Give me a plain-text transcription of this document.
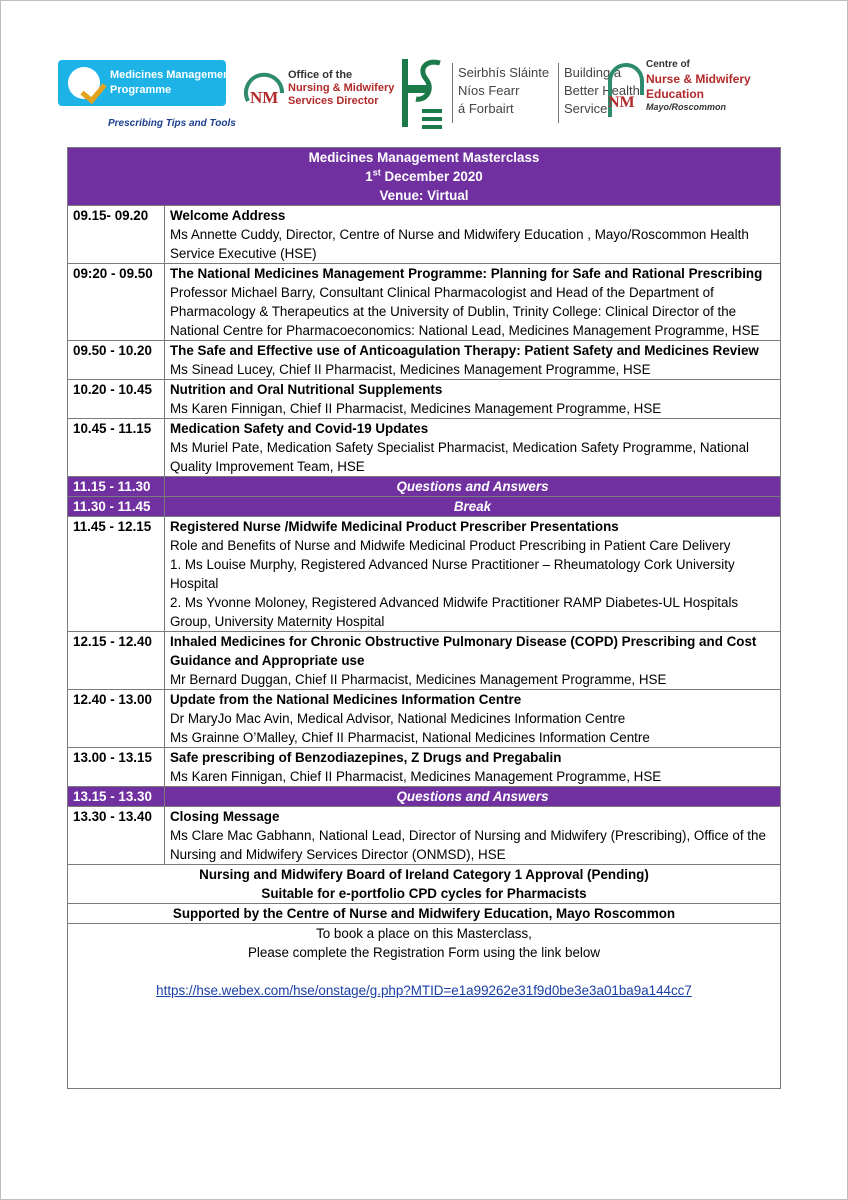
Medicines Management
Programme
Prescribing Tips and Tools
NM
Office of the
Nursing & Midwifery
Services Director
Seirbhís Sláinte
Níos Fearr
á Forbairt
Building a
Better Health
Service NM
Centre of
Nurse & Midwifery
Education
Mayo/Roscommon
Medicines Management Masterclass
1st December 2020
Venue: Virtual	

09.15- 09.20	Welcome Address
Ms Annette Cuddy, Director, Centre of Nurse and Midwifery Education , Mayo/Roscommon Health Service Executive (HSE)

09:20 - 09.50	The National Medicines Management Programme: Planning for Safe and Rational Prescribing
Professor Michael Barry, Consultant Clinical Pharmacologist and Head of the Department of Pharmacology & Therapeutics at the University of Dublin, Trinity College: Clinical Director of the National Centre for Pharmacoeconomics: National Lead, Medicines Management Programme, HSE

09.50 - 10.20	The Safe and Effective use of Anticoagulation Therapy: Patient Safety and Medicines Review
Ms Sinead Lucey, Chief II Pharmacist, Medicines Management Programme, HSE

10.20 - 10.45	Nutrition and Oral Nutritional Supplements
Ms Karen Finnigan, Chief II Pharmacist, Medicines Management Programme, HSE

10.45 - 11.15	Medication Safety and Covid-19 Updates
Ms Muriel Pate, Medication Safety Specialist Pharmacist, Medication Safety Programme, National Quality Improvement Team, HSE

11.15 - 11.30	Questions and Answers
11.30 - 11.45	Break
11.45 - 12.15	Registered Nurse /Midwife Medicinal Product Prescriber Presentations
Role and Benefits of Nurse and Midwife Medicinal Product Prescribing in Patient Care Delivery
1. Ms Louise Murphy, Registered Advanced Nurse Practitioner – Rheumatology Cork University Hospital
2. Ms Yvonne Moloney, Registered Advanced Midwife Practitioner RAMP Diabetes-UL Hospitals Group, University Maternity Hospital

12.15 - 12.40	Inhaled Medicines for Chronic Obstructive Pulmonary Disease (COPD) Prescribing and Cost Guidance and Appropriate use
Mr Bernard Duggan, Chief II Pharmacist, Medicines Management Programme, HSE

12.40 - 13.00	Update from the National Medicines Information Centre
Dr MaryJo Mac Avin, Medical Advisor, National Medicines Information Centre
Ms Grainne O’Malley, Chief II Pharmacist, National Medicines Information Centre

13.00 - 13.15	Safe prescribing of Benzodiazepines, Z Drugs and Pregabalin
Ms Karen Finnigan, Chief II Pharmacist, Medicines Management Programme, HSE

13.15 - 13.30	Questions and Answers
13.30 - 13.40	Closing Message
Ms Clare Mac Gabhann, National Lead, Director of Nursing and Midwifery (Prescribing), Office of the Nursing and Midwifery Services Director (ONMSD), HSE

Nursing and Midwifery Board of Ireland Category 1 Approval (Pending)
Suitable for e-portfolio CPD cycles for Pharmacists	

Supported by the Centre of Nurse and Midwifery Education, Mayo Roscommon	

To book a place on this Masterclass,
Please complete the Registration Form using the link below
https://hse.webex.com/hse/onstage/g.php?MTID=e1a99262e31f9d0be3e3a01ba9a144cc7	
